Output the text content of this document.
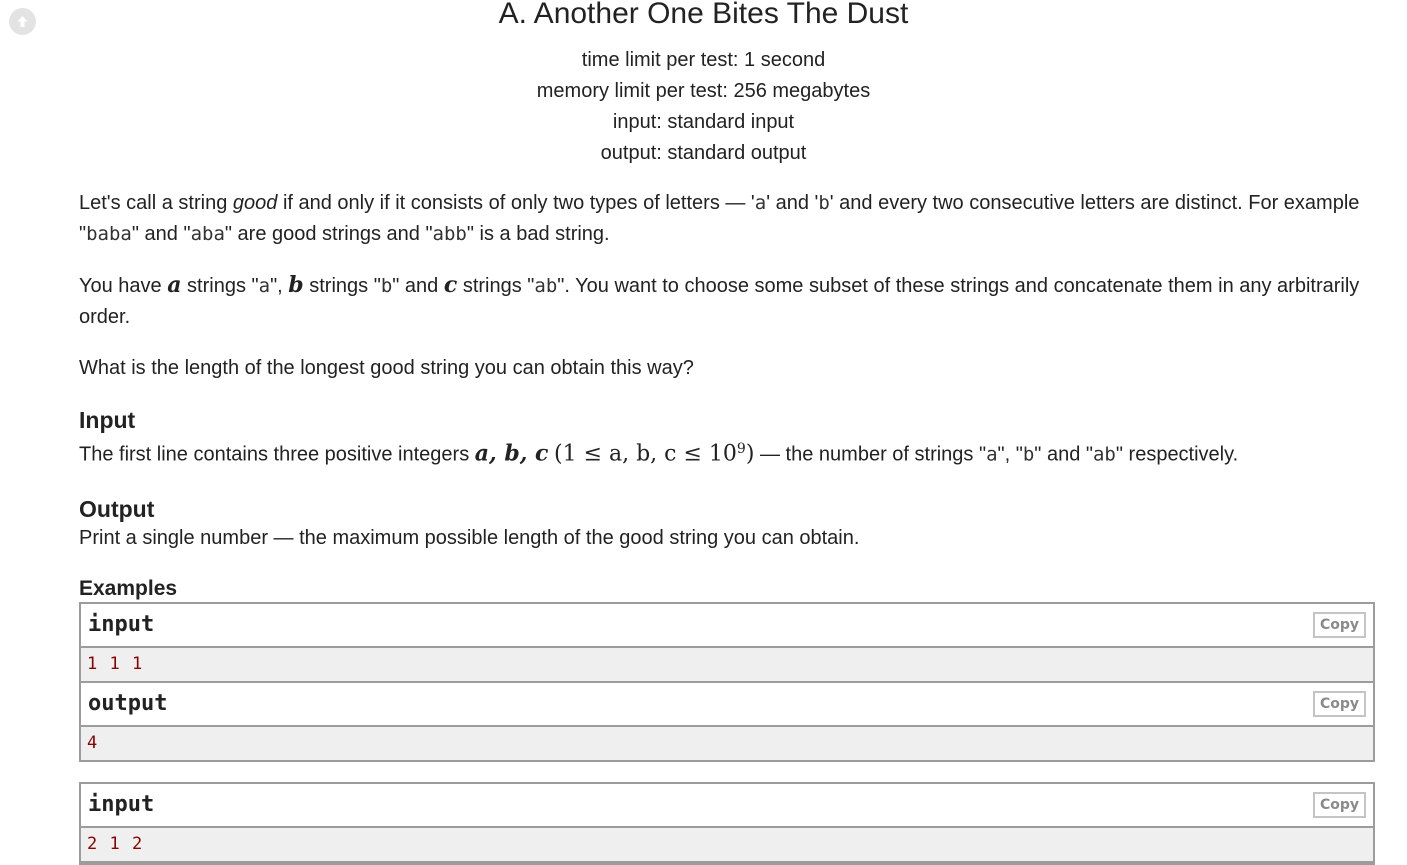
A. Another One Bites The Dust
time limit per test: 1 second
memory limit per test: 256 megabytes
input: standard input
output: standard output

Let's call a string good if and only if it consists of only two types of letters — 'a' and 'b' and every two consecutive letters are distinct. For example "baba" and "aba" are good strings and "abb" is a bad string.

You have a strings "a", b strings "b" and c strings "ab". You want to choose some subset of these strings and concatenate them in any arbitrarily order.

What is the length of the longest good string you can obtain this way?

Input
The first line contains three positive integers a, b, c (1 ≤ a, b, $c \le 10^9$) — the number of strings "a", "b" and "ab" respectively.
Output
Print a single number — the maximum possible length of the good string you can obtain.
Examples
input	Copy
1 1 1
output	Copy
4
input	Copy
2 1 2
